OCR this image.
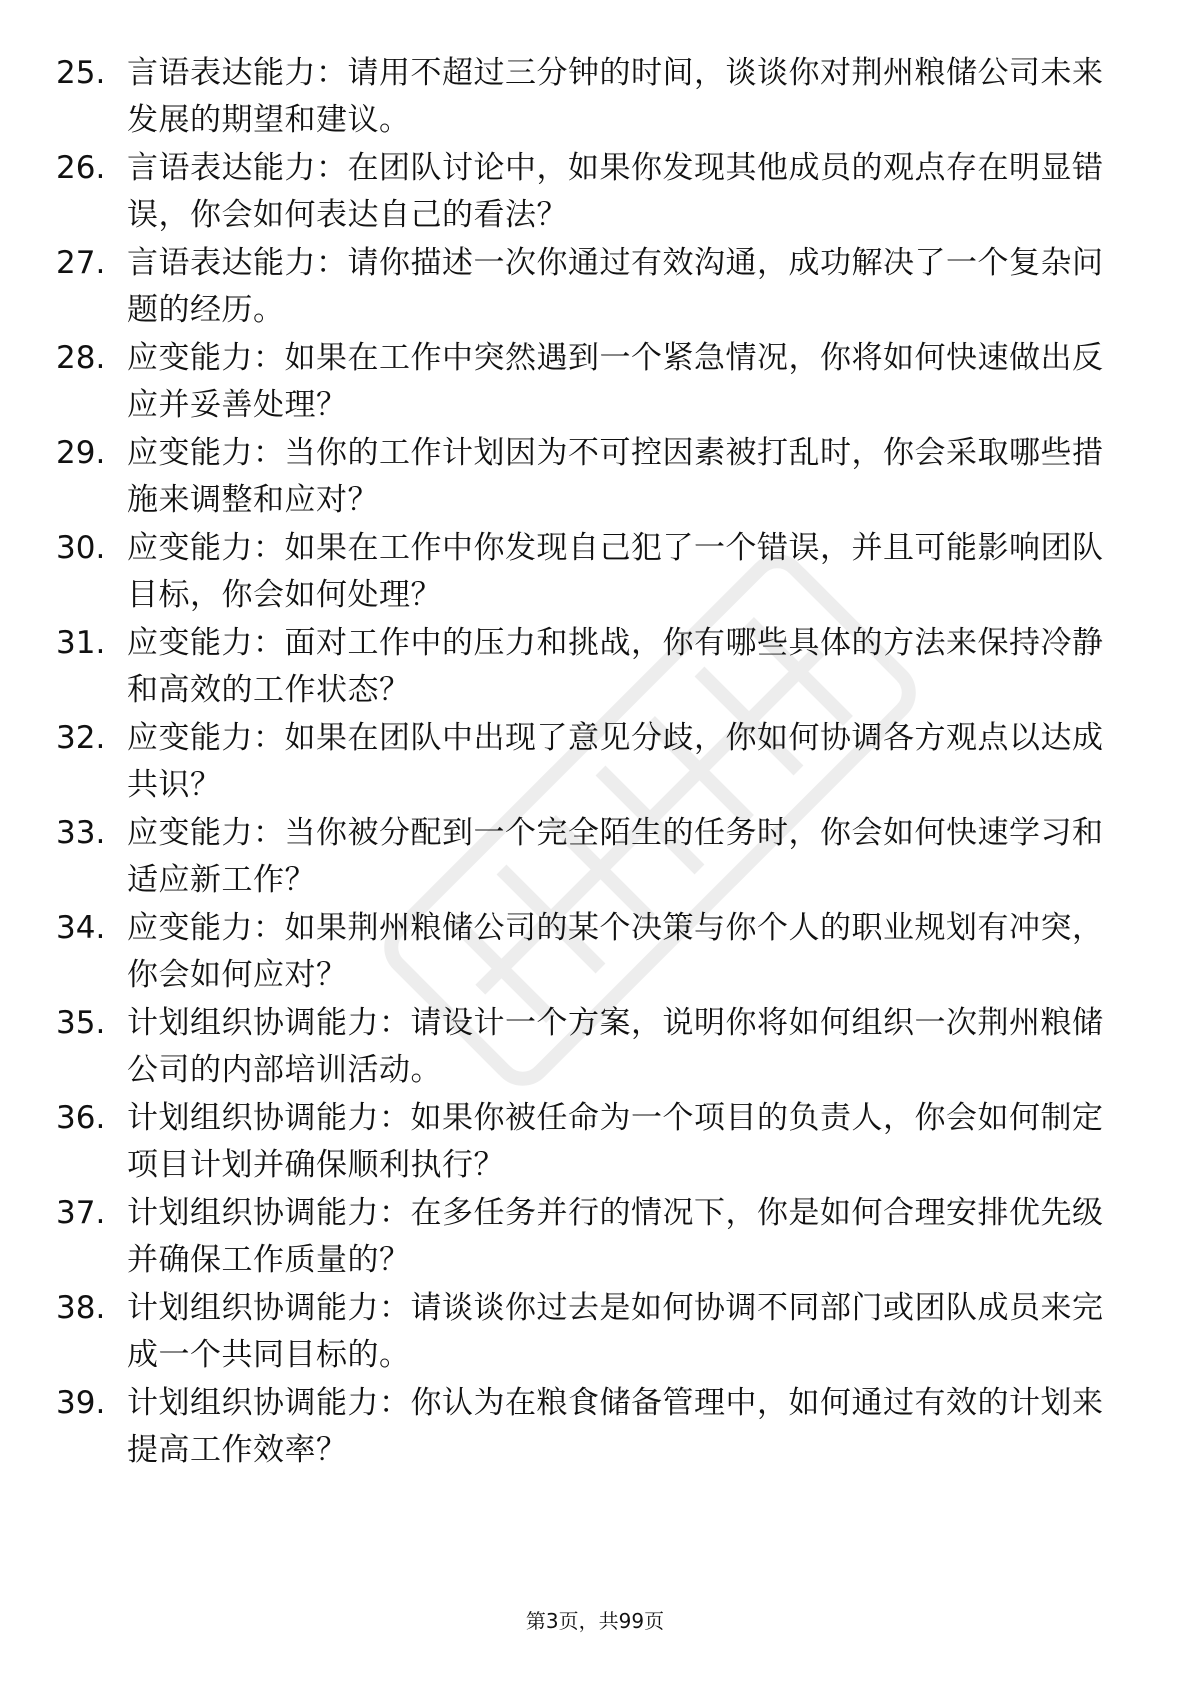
25. 言语表达能力：请用不超过三分钟的时间，谈谈你对荆州粮储公司未来发展的期望和建议。
26. 言语表达能力：在团队讨论中，如果你发现其他成员的观点存在明显错误，你会如何表达自己的看法？
27. 言语表达能力：请你描述一次你通过有效沟通，成功解决了一个复杂问题的经历。
28. 应变能力：如果在工作中突然遇到一个紧急情况，你将如何快速做出反应并妥善处理？
29. 应变能力：当你的工作计划因为不可控因素被打乱时，你会采取哪些措施来调整和应对？
30. 应变能力：如果在工作中你发现自己犯了一个错误，并且可能影响团队目标，你会如何处理？
31. 应变能力：面对工作中的压力和挑战，你有哪些具体的方法来保持冷静和高效的工作状态？
32. 应变能力：如果在团队中出现了意见分歧，你如何协调各方观点以达成共识？
33. 应变能力：当你被分配到一个完全陌生的任务时，你会如何快速学习和适应新工作？
34. 应变能力：如果荆州粮储公司的某个决策与你个人的职业规划有冲突，你会如何应对？
35. 计划组织协调能力：请设计一个方案，说明你将如何组织一次荆州粮储公司的内部培训活动。
36. 计划组织协调能力：如果你被任命为一个项目的负责人，你会如何制定项目计划并确保顺利执行？
37. 计划组织协调能力：在多任务并行的情况下，你是如何合理安排优先级并确保工作质量的？
38. 计划组织协调能力：请谈谈你过去是如何协调不同部门或团队成员来完成一个共同目标的。
39. 计划组织协调能力：你认为在粮食储备管理中，如何通过有效的计划来提高工作效率？
第3页，共99页
